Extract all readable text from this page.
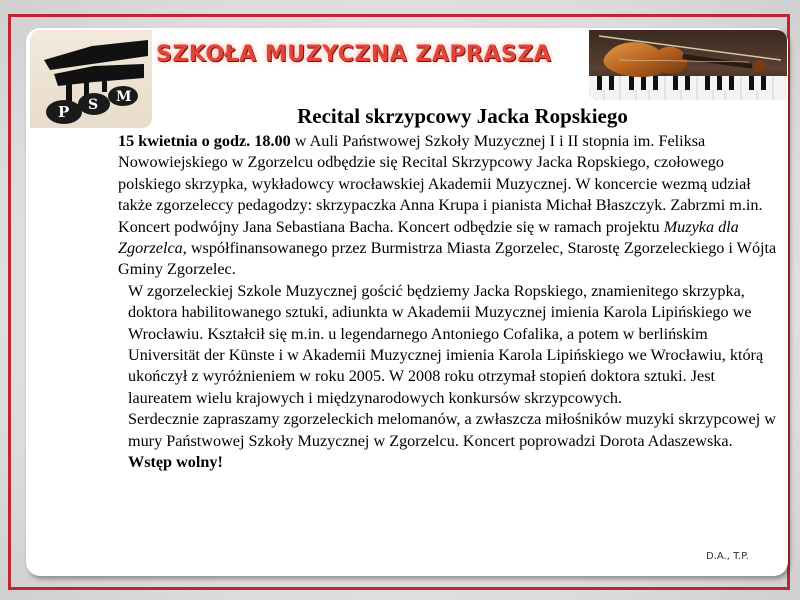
P S M
SZKOŁA MUZYCZNA ZAPRASZA
Recital skrzypcowy Jacka Ropskiego

15 kwietnia o godz. 18.00 w Auli Państwowej Szkoły Muzycznej I i II stopnia im. Feliksa Nowowiejskiego w Zgorzelcu odbędzie się Recital Skrzypcowy Jacka Ropskiego, czołowego polskiego skrzypka, wykładowcy wrocławskiej Akademii Muzycznej. W koncercie wezmą udział także zgorzeleccy pedagodzy: skrzypaczka Anna Krupa i pianista Michał Błaszczyk. Zabrzmi m.in. Koncert podwójny Jana Sebastiana Bacha. Koncert odbędzie się w ramach projektu Muzyka dla Zgorzelca, współfinansowanego przez Burmistrza Miasta Zgorzelec, Starostę Zgorzeleckiego i Wójta Gminy Zgorzelec.

W zgorzeleckiej Szkole Muzycznej gościć będziemy Jacka Ropskiego, znamienitego skrzypka, doktora habilitowanego sztuki, adiunkta w Akademii Muzycznej imienia Karola Lipińskiego we Wrocławiu. Kształcił się m.in. u legendarnego Antoniego Cofalika, a potem w berlińskim Universität der Künste i w Akademii Muzycznej imienia Karola Lipińskiego we Wrocławiu, którą ukończył z wyróżnieniem w roku 2005. W 2008 roku otrzymał stopień doktora sztuki. Jest laureatem wielu krajowych i międzynarodowych konkursów skrzypcowych.

Serdecznie zapraszamy zgorzeleckich melomanów, a zwłaszcza miłośników muzyki skrzypcowej w mury Państwowej Szkoły Muzycznej w Zgorzelcu. Koncert poprowadzi Dorota Adaszewska. Wstęp wolny!

D.A., T.P.
